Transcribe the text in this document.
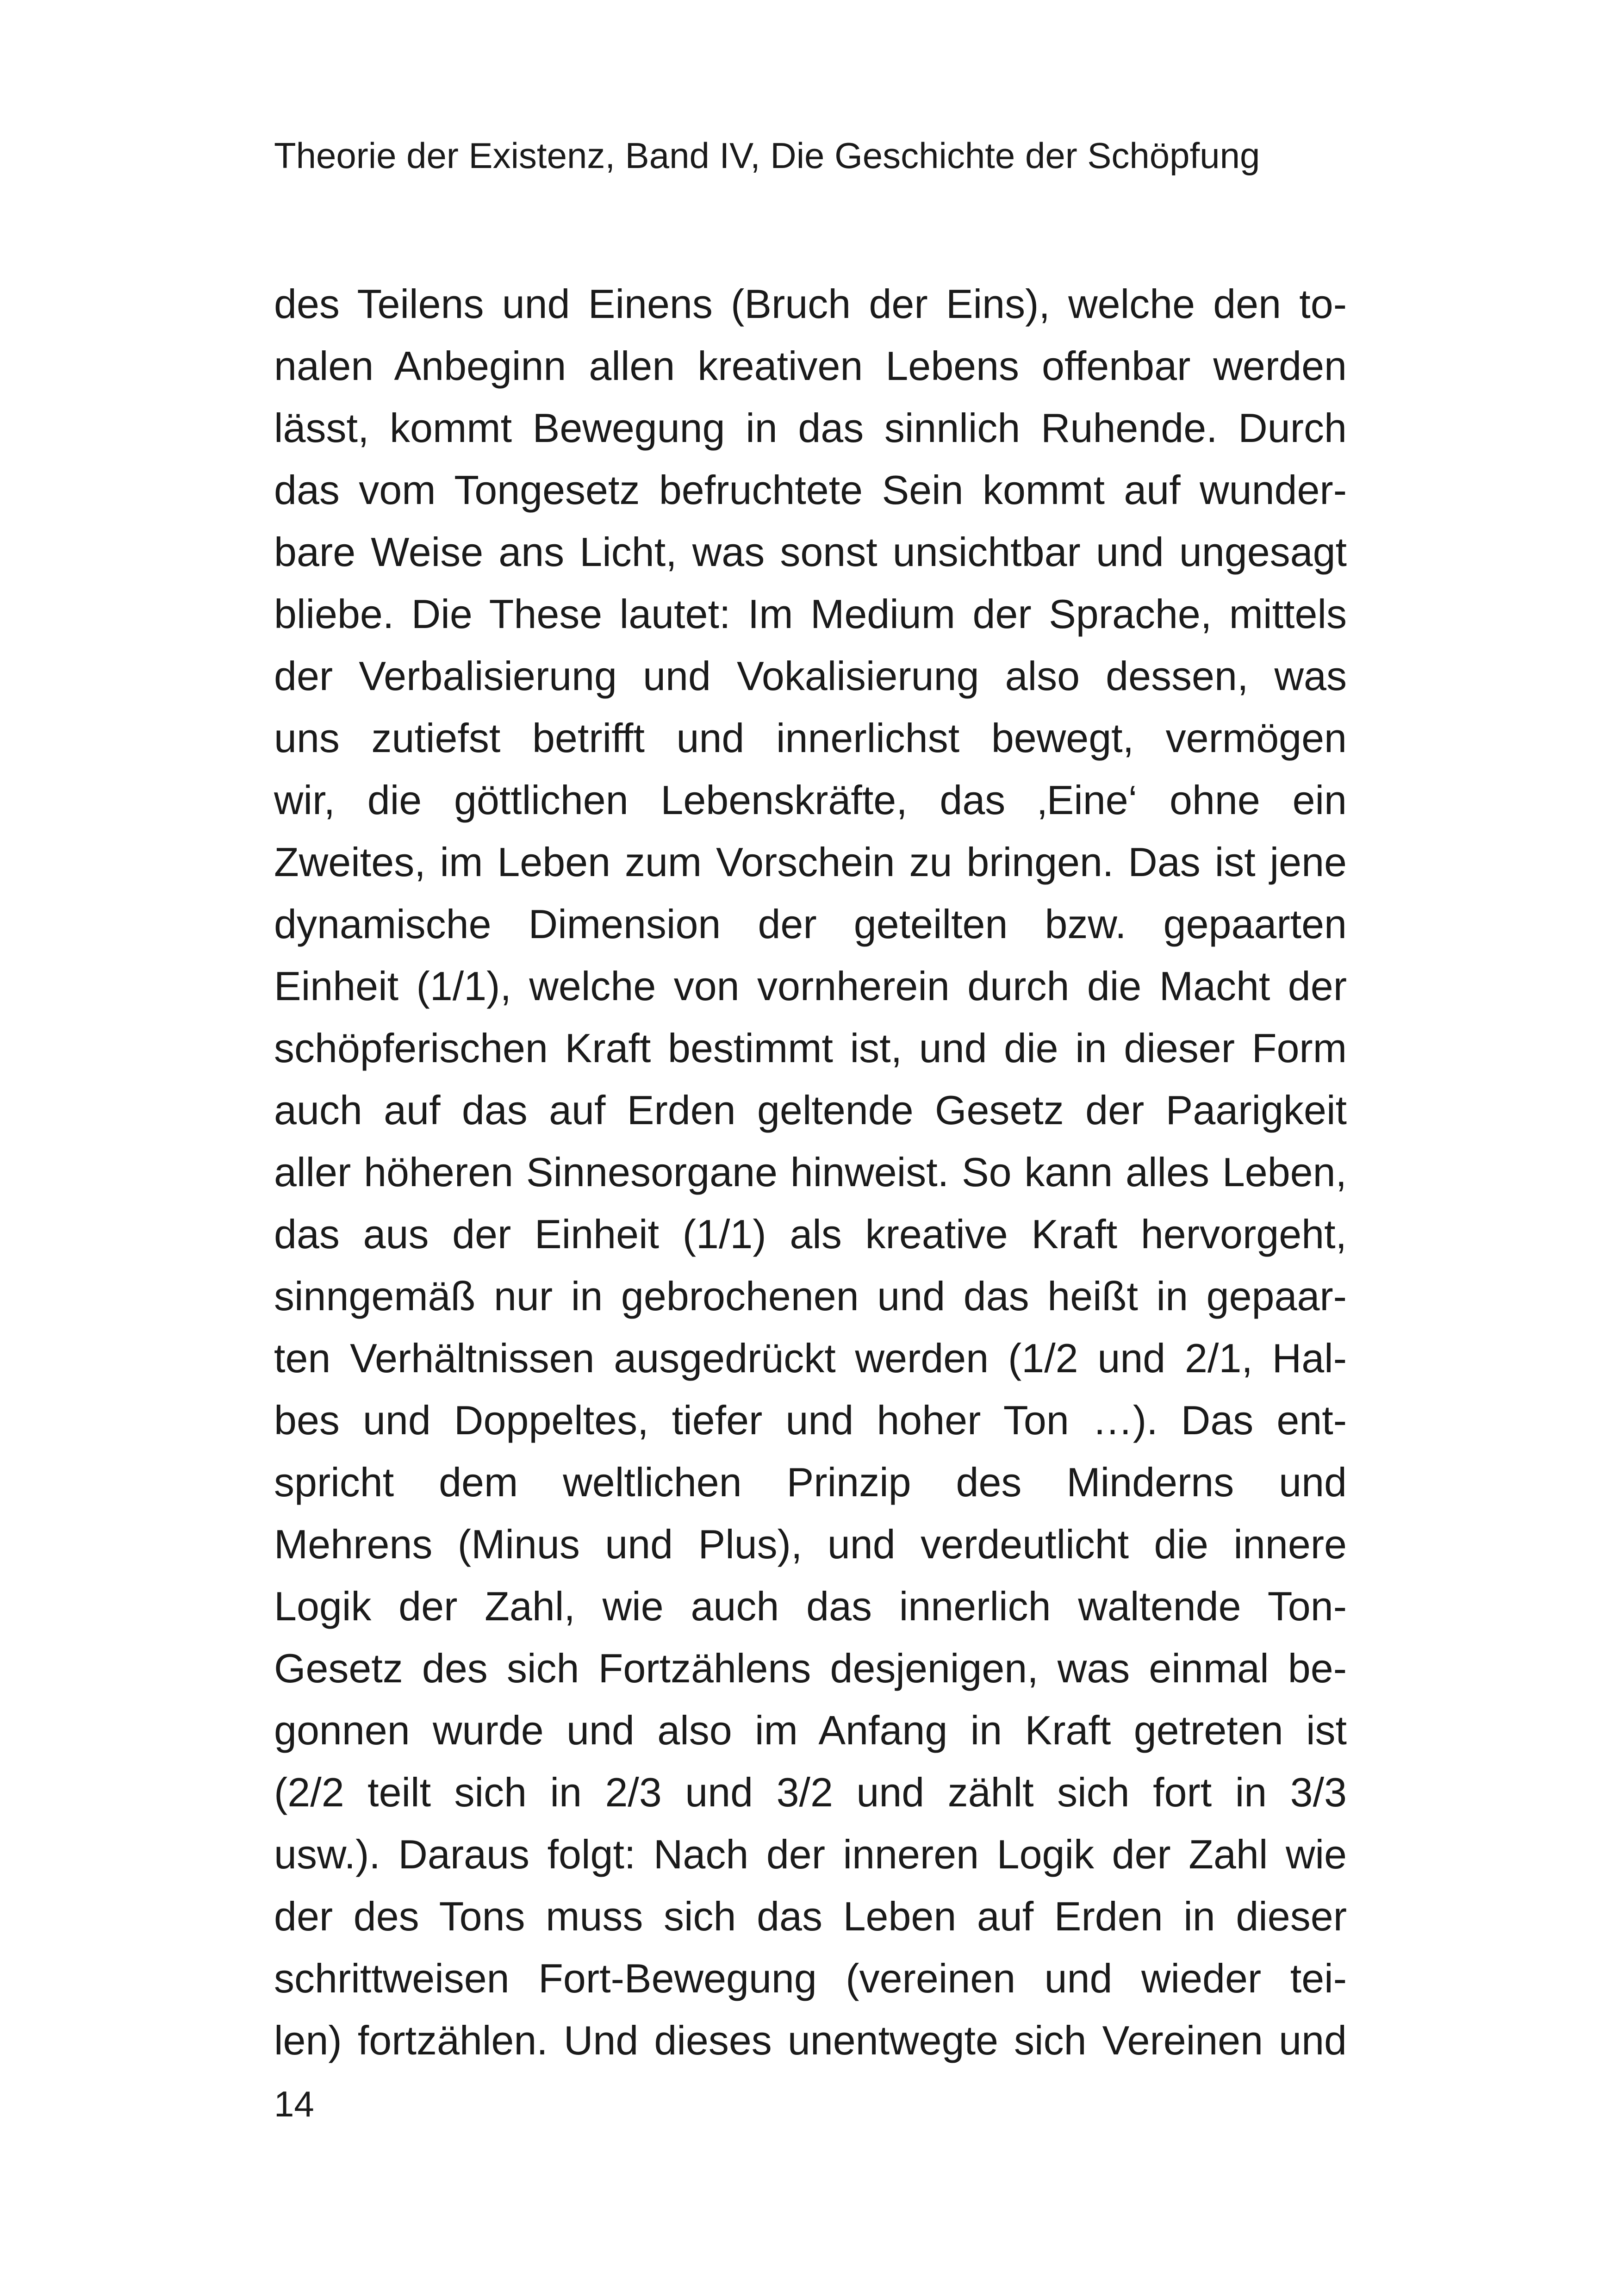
Theorie der Existenz, Band IV, Die Geschichte der Schöpfung
des Teilens und Einens (Bruch der Eins), welche den to-
nalen Anbeginn allen kreativen Lebens offenbar werden
lässt, kommt Bewegung in das sinnlich Ruhende. Durch
das vom Tongesetz befruchtete Sein kommt auf wunder-
bare Weise ans Licht, was sonst unsichtbar und ungesagt
bliebe. Die These lautet: Im Medium der Sprache, mittels
der Verbalisierung und Vokalisierung also dessen, was
uns zutiefst betrifft und innerlichst bewegt, vermögen
wir, die göttlichen Lebenskräfte, das ‚Eine‘ ohne ein
Zweites, im Leben zum Vorschein zu bringen. Das ist jene
dynamische Dimension der geteilten bzw. gepaarten
Einheit (1/1), welche von vornherein durch die Macht der
schöpferischen Kraft bestimmt ist, und die in dieser Form
auch auf das auf Erden geltende Gesetz der Paarigkeit
aller höheren Sinnesorgane hinweist. So kann alles Leben,
das aus der Einheit (1/1) als kreative Kraft hervorgeht,
sinngemäß nur in gebrochenen und das heißt in gepaar-
ten Verhältnissen ausgedrückt werden (1/2 und 2/1, Hal-
bes und Doppeltes, tiefer und hoher Ton …). Das ent-
spricht dem weltlichen Prinzip des Minderns und
Mehrens (Minus und Plus), und verdeutlicht die innere
Logik der Zahl, wie auch das innerlich waltende Ton-
Gesetz des sich Fortzählens desjenigen, was einmal be-
gonnen wurde und also im Anfang in Kraft getreten ist
(2/2 teilt sich in 2/3 und 3/2 und zählt sich fort in 3/3
usw.). Daraus folgt: Nach der inneren Logik der Zahl wie
der des Tons muss sich das Leben auf Erden in dieser
schrittweisen Fort-Bewegung (vereinen und wieder tei-
len) fortzählen. Und dieses unentwegte sich Vereinen und
14
